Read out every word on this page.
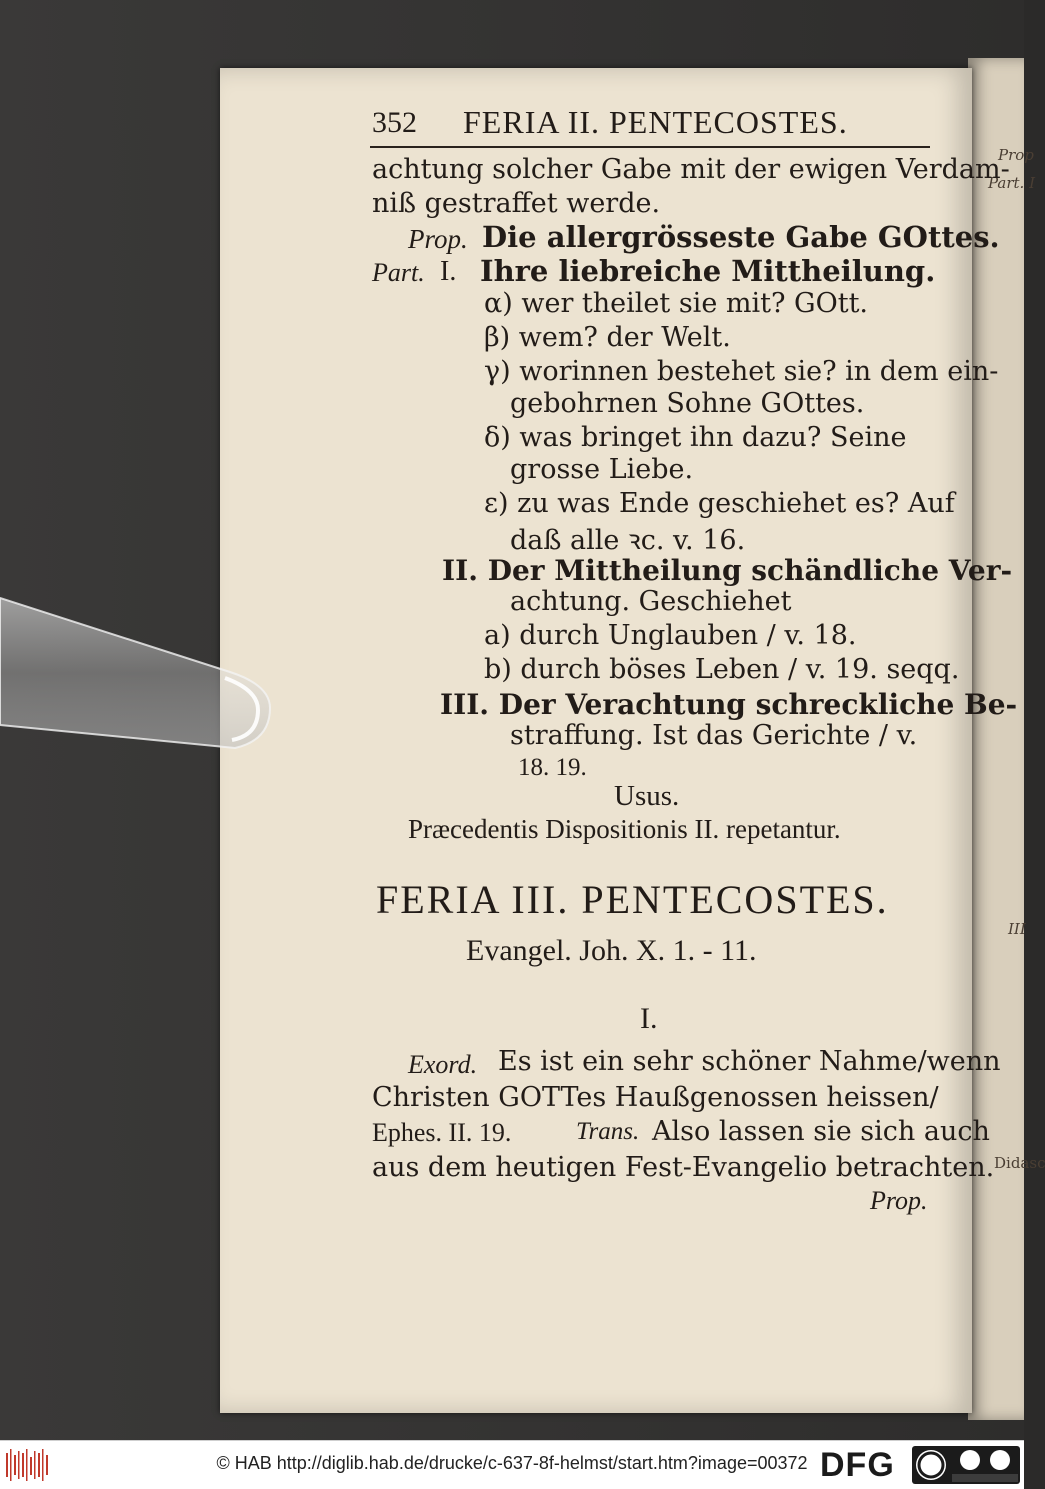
Prop
Part. I
III
Didasc
352 FERIA II. PENTECOSTES.
achtung solcher Gabe mit der ewigen Verdam-
niß gestraffet werde.
Prop. Die allergrösseste Gabe GOttes.
Part. I. Ihre liebreiche Mittheilung.
α) wer theilet sie mit? GOtt.
β) wem? der Welt.
γ) worinnen bestehet sie? in dem ein-
gebohrnen Sohne GOttes.
δ) was bringet ihn dazu? Seine
grosse Liebe.
ε) zu was Ende geschiehet es? Auf
daß alle ꝛc. v. 16.
II. Der Mittheilung schändliche Ver-
achtung. Geschiehet
a) durch Unglauben / v. 18.
b) durch böses Leben / v. 19. seqq.
III. Der Verachtung schreckliche Be-
straffung. Ist das Gerichte / v.
18. 19.
Usus.
Præcedentis Dispositionis II. repetantur.
FERIA III. PENTECOSTES.
Evangel. Joh. X. 1. - 11.
I.
Exord. Es ist ein sehr schöner Nahme/wenn
Christen GOTTes Haußgenossen heissen/
Ephes. II. 19.	Trans. Also lassen sie sich auch
aus dem heutigen Fest-Evangelio betrachten.
Prop.
© HAB http://diglib.hab.de/drucke/c-637-8f-helmst/start.htm?image=00372 DFG
